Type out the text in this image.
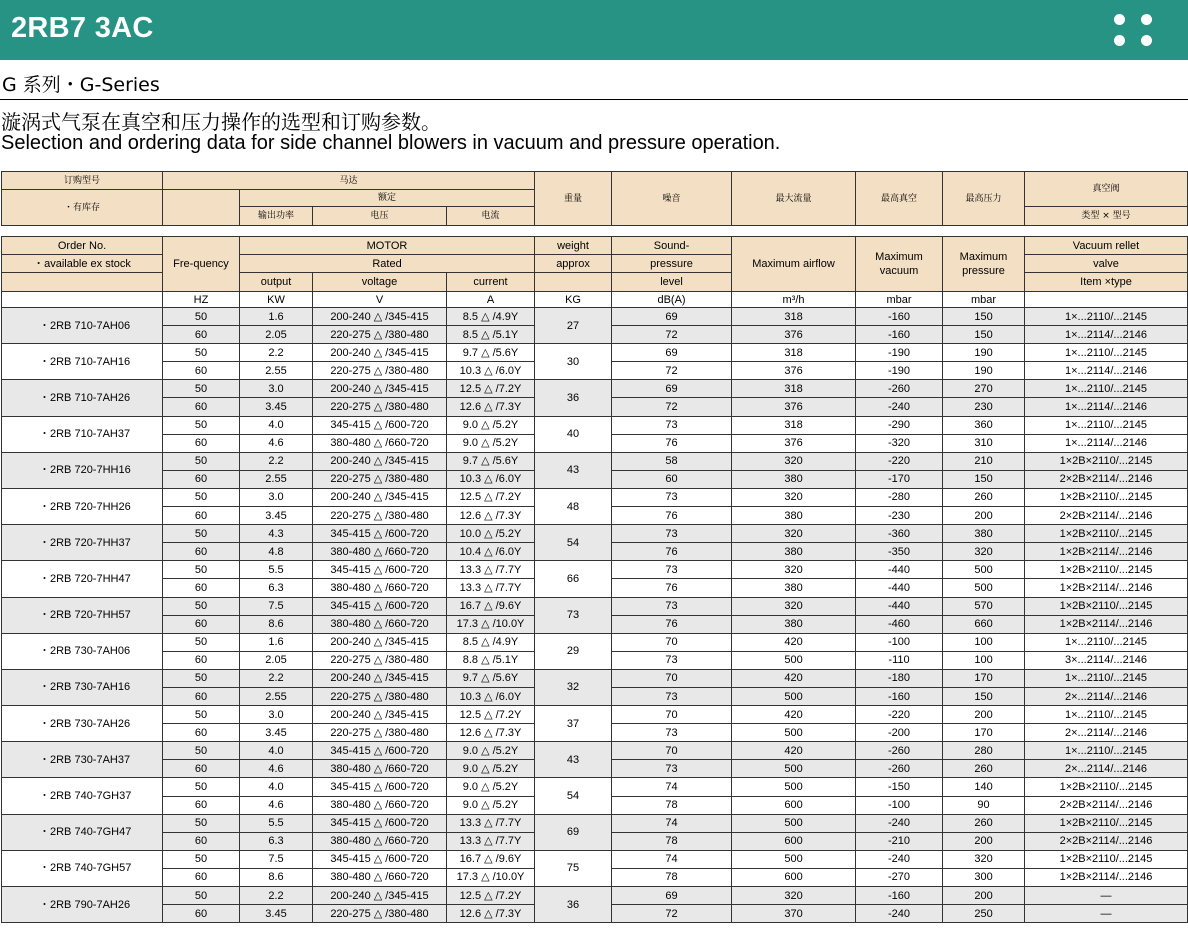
2RB7 3AC
G 系列・G-Series
漩涡式气泵在真空和压力操作的选型和订购参数。
Selection and ordering data for side channel blowers in vacuum and pressure operation.
订购型号	马达				重量	噪音	最大流量	最高真空	最高压力	真空阀
・有库存		额定								
		输出功率	电压	电流						类型 × 型号

Order No.	Fre-quency	MOTOR			weight	Sound-	Maximum airflow	Maximum vacuum	Maximum pressure	Vacuum rellet
・available ex stock		Rated			approx	pressure				valve
		output	voltage	current		level				Item ×type
	HZ	KW	V	A	KG	dB(A)	m³/h	mbar	mbar	
・2RB 710-7AH06	50	1.6	200-240 △ /345-415	8.5 △ /4.9Y	27	69	318	-160	150	1×...2110/...2145
	60	2.05	220-275 △ /380-480	8.5 △ /5.1Y		72	376	-160	150	1×...2114/...2146
・2RB 710-7AH16	50	2.2	200-240 △ /345-415	9.7 △ /5.6Y	30	69	318	-190	190	1×...2110/...2145
	60	2.55	220-275 △ /380-480	10.3 △ /6.0Y		72	376	-190	190	1×...2114/...2146
・2RB 710-7AH26	50	3.0	200-240 △ /345-415	12.5 △ /7.2Y	36	69	318	-260	270	1×...2110/...2145
	60	3.45	220-275 △ /380-480	12.6 △ /7.3Y		72	376	-240	230	1×...2114/...2146
・2RB 710-7AH37	50	4.0	345-415 △ /600-720	9.0 △ /5.2Y	40	73	318	-290	360	1×...2110/...2145
	60	4.6	380-480 △ /660-720	9.0 △ /5.2Y		76	376	-320	310	1×...2114/...2146
・2RB 720-7HH16	50	2.2	200-240 △ /345-415	9.7 △ /5.6Y	43	58	320	-220	210	1×2B×2110/...2145
	60	2.55	220-275 △ /380-480	10.3 △ /6.0Y		60	380	-170	150	2×2B×2114/...2146
・2RB 720-7HH26	50	3.0	200-240 △ /345-415	12.5 △ /7.2Y	48	73	320	-280	260	1×2B×2110/...2145
	60	3.45	220-275 △ /380-480	12.6 △ /7.3Y		76	380	-230	200	2×2B×2114/...2146
・2RB 720-7HH37	50	4.3	345-415 △ /600-720	10.0 △ /5.2Y	54	73	320	-360	380	1×2B×2110/...2145
	60	4.8	380-480 △ /660-720	10.4 △ /6.0Y		76	380	-350	320	1×2B×2114/...2146
・2RB 720-7HH47	50	5.5	345-415 △ /600-720	13.3 △ /7.7Y	66	73	320	-440	500	1×2B×2110/...2145
	60	6.3	380-480 △ /660-720	13.3 △ /7.7Y		76	380	-440	500	1×2B×2114/...2146
・2RB 720-7HH57	50	7.5	345-415 △ /600-720	16.7 △ /9.6Y	73	73	320	-440	570	1×2B×2110/...2145
	60	8.6	380-480 △ /660-720	17.3 △ /10.0Y		76	380	-460	660	1×2B×2114/...2146
・2RB 730-7AH06	50	1.6	200-240 △ /345-415	8.5 △ /4.9Y	29	70	420	-100	100	1×...2110/...2145
	60	2.05	220-275 △ /380-480	8.8 △ /5.1Y		73	500	-110	100	3×...2114/...2146
・2RB 730-7AH16	50	2.2	200-240 △ /345-415	9.7 △ /5.6Y	32	70	420	-180	170	1×...2110/...2145
	60	2.55	220-275 △ /380-480	10.3 △ /6.0Y		73	500	-160	150	2×...2114/...2146
・2RB 730-7AH26	50	3.0	200-240 △ /345-415	12.5 △ /7.2Y	37	70	420	-220	200	1×...2110/...2145
	60	3.45	220-275 △ /380-480	12.6 △ /7.3Y		73	500	-200	170	2×...2114/...2146
・2RB 730-7AH37	50	4.0	345-415 △ /600-720	9.0 △ /5.2Y	43	70	420	-260	280	1×...2110/...2145
	60	4.6	380-480 △ /660-720	9.0 △ /5.2Y		73	500	-260	260	2×...2114/...2146
・2RB 740-7GH37	50	4.0	345-415 △ /600-720	9.0 △ /5.2Y	54	74	500	-150	140	1×2B×2110/...2145
	60	4.6	380-480 △ /660-720	9.0 △ /5.2Y		78	600	-100	90	2×2B×2114/...2146
・2RB 740-7GH47	50	5.5	345-415 △ /600-720	13.3 △ /7.7Y	69	74	500	-240	260	1×2B×2110/...2145
	60	6.3	380-480 △ /660-720	13.3 △ /7.7Y		78	600	-210	200	2×2B×2114/...2146
・2RB 740-7GH57	50	7.5	345-415 △ /600-720	16.7 △ /9.6Y	75	74	500	-240	320	1×2B×2110/...2145
	60	8.6	380-480 △ /660-720	17.3 △ /10.0Y		78	600	-270	300	1×2B×2114/...2146
・2RB 790-7AH26	50	2.2	200-240 △ /345-415	12.5 △ /7.2Y	36	69	320	-160	200	—
	60	3.45	220-275 △ /380-480	12.6 △ /7.3Y		72	370	-240	250	—
